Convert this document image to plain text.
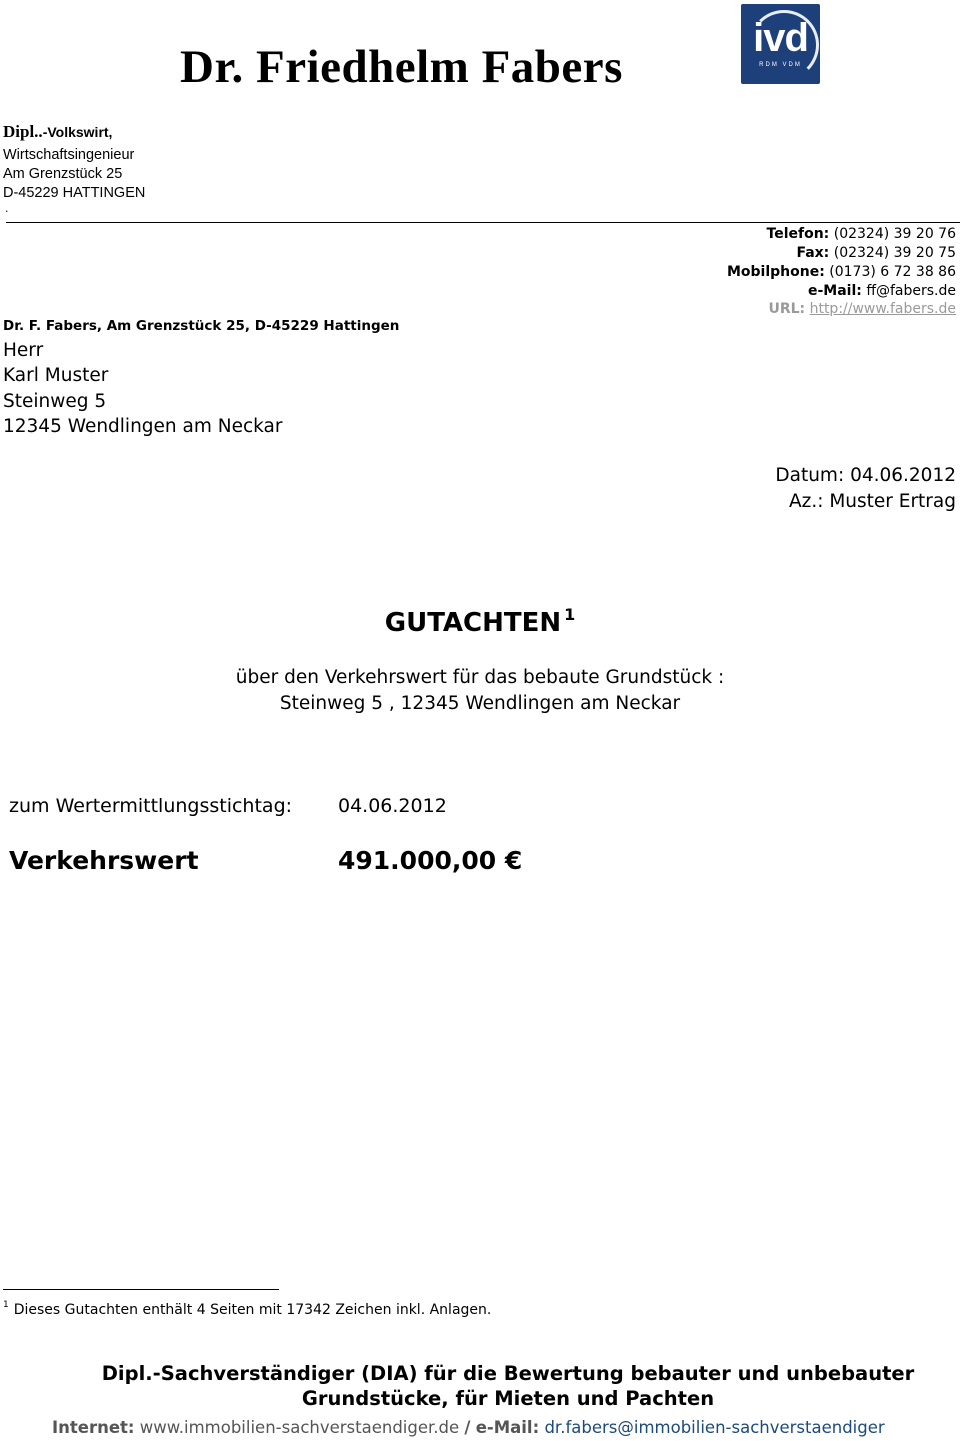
Dr. Friedhelm Fabers
ivd
RDM VDM
Dipl..-Volkswirt,
Wirtschaftsingenieur
Am Grenzstück 25
D-45229 HATTINGEN
.
Telefon: (02324) 39 20 76
Fax: (02324) 39 20 75
Mobilphone: (0173) 6 72 38 86
e-Mail: ff@fabers.de
URL: http://www.fabers.de
Dr. F. Fabers, Am Grenzstück 25, D-45229 Hattingen
Herr
Karl Muster
Steinweg 5
12345 Wendlingen am Neckar
Datum: 04.06.2012
Az.: Muster Ertrag
GUTACHTEN $^1$
über den Verkehrswert für das bebaute Grundstück :
Steinweg 5 , 12345 Wendlingen am Neckar
zum Wertermittlungsstichtag: 04.06.2012
Verkehrswert	491.000,00 €
$^1$ Dieses Gutachten enthält 4 Seiten mit 17342 Zeichen inkl. Anlagen.
Dipl.-Sachverständiger (DIA) für die Bewertung bebauter und unbebauter
Grundstücke, für Mieten und Pachten
Internet: www.immobilien-sachverstaendiger.de / e-Mail: dr.fabers@immobilien-sachverstaendiger
